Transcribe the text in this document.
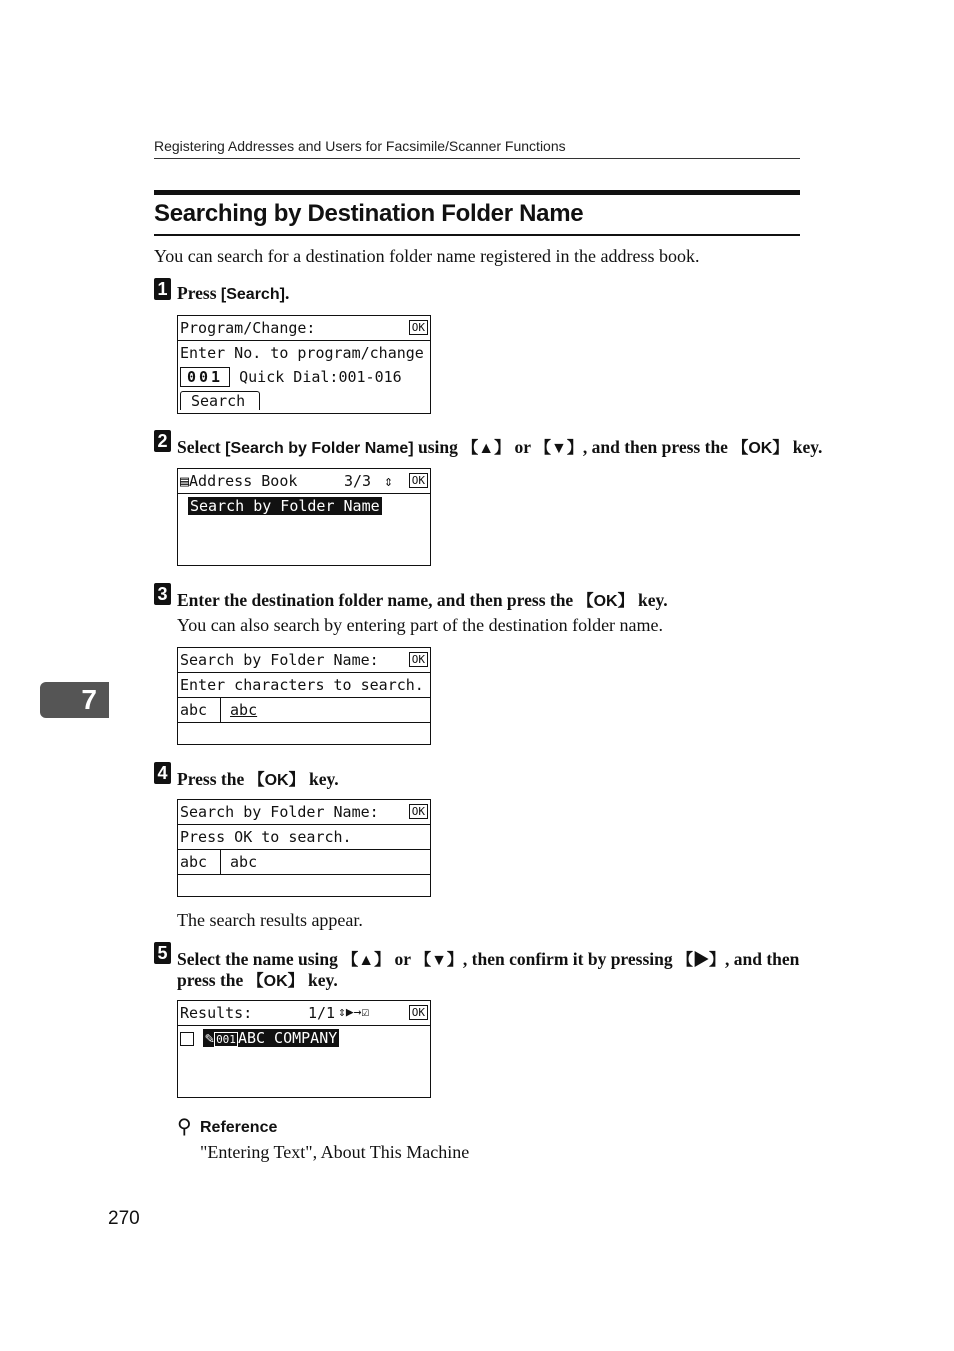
Registering Addresses and Users for Facsimile/Scanner Functions
Searching by Destination Folder Name
You can search for a destination folder name registered in the address book.
1 Press [Search].
Program/Change:	OK
Enter No. to program/change
001 Quick Dial:001-016
Search
2 Select [Search by Folder Name] using 【▲】 or 【▼】, and then press the 【OK】 key.
▤Address Book	3/3 ⇕ OK
Search by Folder Name
3 Enter the destination folder name, and then press the 【OK】 key.
You can also search by entering part of the destination folder name.
Search by Folder Name:	OK
Enter characters to search.
abc abc
7
4 Press the 【OK】 key.
Search by Folder Name:	OK
Press OK to search.
abc abc
The search results appear.
5 Select the name using 【▲】 or 【▼】, then confirm it by pressing 【▶】, and then
press the 【OK】 key.
Results:	1/1 ⇕▶→☑	OK
✎ 001 ABC COMPANY
⚲ Reference
"Entering Text", About This Machine
270
